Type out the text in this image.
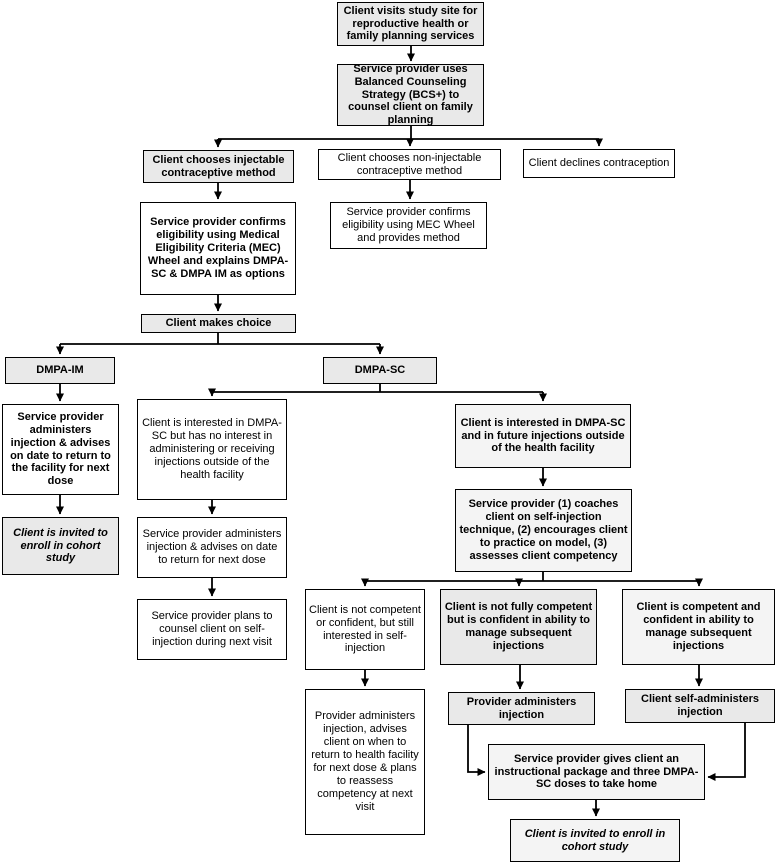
Client visits study site for reproductive health or family planning services
Service provider uses Balanced Counseling Strategy (BCS+) to counsel client on family planning
Client chooses injectable contraceptive method
Client chooses non-injectable contraceptive method
Client declines contraception
Service provider confirms eligibility using Medical Eligibility Criteria (MEC) Wheel and explains DMPA-SC & DMPA IM as options
Service provider confirms eligibility using MEC Wheel and provides method
Client makes choice
DMPA-IM	DMPA-SC
Service provider administers injection & advises on date to return to the facility for next dose
Client is invited to enroll in cohort study
Client is interested in DMPA-SC but has no interest in administering or receiving injections outside of the health facility
Client is interested in DMPA-SC and in future injections outside of the health facility
Service provider administers injection & advises on date to return for next dose
Service provider plans to counsel client on self-injection during next visit
Service provider (1) coaches client on self-injection technique, (2) encourages client to practice on model, (3) assesses client competency
Client is not competent or confident, but still interested in self-injection
Client is not fully competent but is confident in ability to manage subsequent injections
Client is competent and confident in ability to manage subsequent injections
Provider administers injection, advises client on when to return to health facility for next dose & plans to reassess competency at next visit
Provider administers injection
Client self-administers injection
Service provider gives client an instructional package and three DMPA-SC doses to take home
Client is invited to enroll in cohort study
